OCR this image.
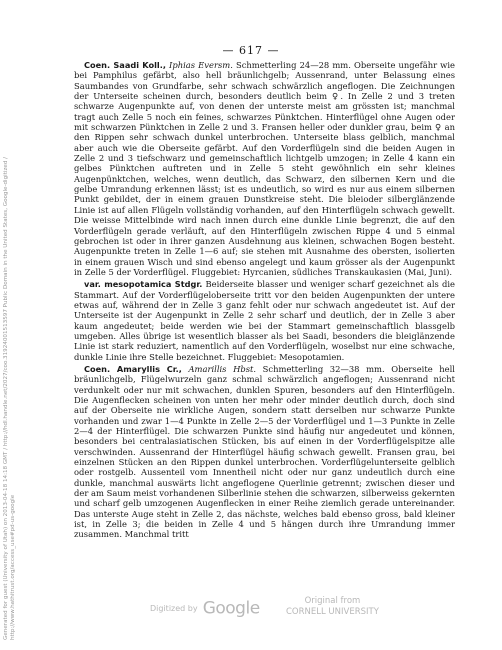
— 617 —
Generated for guest (University of Utah) on 2013-04-18 14:18 GMT / http://hdl.handle.net/2027/coo.31924001513597 Public Domain in the United States, Google-digitized / http://www.hathitrust.org/access_use#pd-us-google

Coen. Saadi Koll., Iphias Eversm. Schmetterling 24—28 mm. Oberseite ungefähr wie bei Pamphilus gefärbt, also hell bräunlichgelb; Aussenrand, unter Belassung eines Saumbandes von Grundfarbe, sehr schwach schwärzlich angeflogen. Die Zeichnungen der Unterseite scheinen durch, besonders deutlich beim ♀. In Zelle 2 und 3 treten schwarze Augenpunkte auf, von denen der unterste meist am grössten ist; manchmal tragt auch Zelle 5 noch ein feines, schwarzes Pünktchen. Hinterflügel ohne Augen oder mit schwarzen Pünktchen in Zelle 2 und 3. Fransen heller oder dunkler grau, beim ♀ an den Rippen sehr schwach dunkel unterbrochen. Unterseite blass gelblich, manchmal aber auch wie die Oberseite gefärbt. Auf den Vorderflügeln sind die beiden Augen in Zelle 2 und 3 tiefschwarz und gemeinschaftlich lichtgelb umzogen; in Zelle 4 kann ein gelbes Pünktchen auftreten und in Zelle 5 steht gewöhnlich ein sehr kleines Augenpünktchen, welches, wenn deutlich, das Schwarz, den silbernen Kern und die gelbe Umrandung erkennen lässt; ist es undeutlich, so wird es nur aus einem silbernen Punkt gebildet, der in einem grauen Dunstkreise steht. Die bleioder silberglänzende Linie ist auf allen Flügeln vollständig vorhanden, auf den Hinterflügeln schwach gewellt. Die weisse Mittelbinde wird nach innen durch eine dunkle Linie begrenzt, die auf den Vorderflügeln gerade verläuft, auf den Hinterflügeln zwischen Rippe 4 und 5 einmal gebrochen ist oder in ihrer ganzen Ausdehnung aus kleinen, schwachen Bogen besteht. Augenpunkte treten in Zelle 1—6 auf; sie stehen mit Ausnahme des obersten, isolierten in einem grauen Wisch und sind ebenso angelegt und kaum grösser als der Augenpunkt in Zelle 5 der Vorderflügel. Fluggebiet: Hyrcanien, südliches Transkaukasien (Mai, Juni).

var. mesopotamica Stdgr. Beiderseite blasser und weniger scharf gezeichnet als die Stammart. Auf der Vorderflügeloberseite tritt vor den beiden Augenpunkten der untere etwas auf, während der in Zelle 3 ganz fehlt oder nur schwach angedeutet ist. Auf der Unterseite ist der Augenpunkt in Zelle 2 sehr scharf und deutlich, der in Zelle 3 aber kaum angedeutet; beide werden wie bei der Stammart gemeinschaftlich blassgelb umgeben. Alles übrige ist wesentlich blasser als bei Saadi, besonders die bleiglänzende Linie ist stark reduziert, namentlich auf den Vorderflügeln, woselbst nur eine schwache, dunkle Linie ihre Stelle bezeichnet. Fluggebiet: Mesopotamien.

Coen. Amaryllis Cr., Amarillis Hbst. Schmetterling 32—38 mm. Oberseite hell bräunlichgelb, Flügelwurzeln ganz schmal schwärzlich angeflogen; Aussenrand nicht verdunkelt oder nur mit schwachen, dunklen Spuren, besonders auf den Hinterflügeln. Die Augenflecken scheinen von unten her mehr oder minder deutlich durch, doch sind auf der Oberseite nie wirkliche Augen, sondern statt derselben nur schwarze Punkte vorhanden und zwar 1—4 Punkte in Zelle 2—5 der Vorderflügel und 1—3 Punkte in Zelle 2—4 der Hinterflügel. Die schwarzen Punkte sind häufig nur angedeutet und können, besonders bei centralasiatischen Stücken, bis auf einen in der Vorderflügelspitze alle verschwinden. Aussenrand der Hinterflügel häufig schwach gewellt. Fransen grau, bei einzelnen Stücken an den Rippen dunkel unterbrochen. Vorderflügelunterseite gelblich oder rostgelb. Aussenteil vom Innentheil nicht oder nur ganz undeutlich durch eine dunkle, manchmal auswärts licht angeflogene Querlinie getrennt; zwischen dieser und der am Saum meist vorhandenen Silberlinie stehen die schwarzen, silberweiss gekernten und scharf gelb umzogenen Augenflecken in einer Reihe ziemlich gerade untereinander. Das unterste Auge steht in Zelle 2, das nächste, welches bald ebenso gross, bald kleiner ist, in Zelle 3; die beiden in Zelle 4 und 5 hängen durch ihre Umrandung immer zusammen. Manchmal tritt

Digitized by Google	Original from
CORNELL UNIVERSITY
